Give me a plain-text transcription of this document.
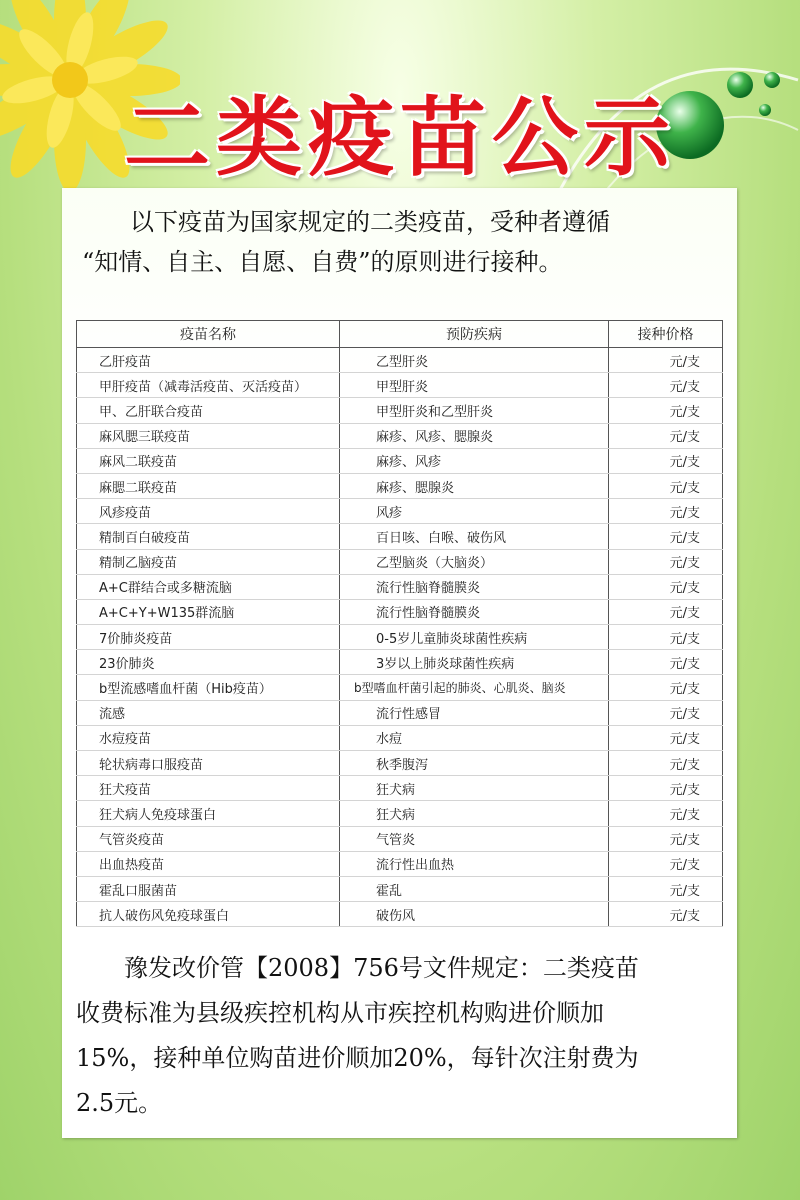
二类疫苗公示
以下疫苗为国家规定的二类疫苗，受种者遵循
“知情、自主、自愿、自费”的原则进行接种。
疫苗名称	预防疾病	接种价格
乙肝疫苗	乙型肝炎	元/支
甲肝疫苗（减毒活疫苗、灭活疫苗）	甲型肝炎	元/支
甲、乙肝联合疫苗	甲型肝炎和乙型肝炎	元/支
麻风腮三联疫苗	麻疹、风疹、腮腺炎	元/支
麻风二联疫苗	麻疹、风疹	元/支
麻腮二联疫苗	麻疹、腮腺炎	元/支
风疹疫苗	风疹	元/支
精制百白破疫苗	百日咳、白喉、破伤风	元/支
精制乙脑疫苗	乙型脑炎（大脑炎）	元/支
A+C群结合或多糖流脑	流行性脑脊髓膜炎	元/支
A+C+Y+W135群流脑	流行性脑脊髓膜炎	元/支
7价肺炎疫苗	0-5岁儿童肺炎球菌性疾病	元/支
23价肺炎	3岁以上肺炎球菌性疾病	元/支
b型流感嗜血杆菌（Hib疫苗）	b型嗜血杆菌引起的肺炎、心肌炎、脑炎	元/支
流感	流行性感冒	元/支
水痘疫苗	水痘	元/支
轮状病毒口服疫苗	秋季腹泻	元/支
狂犬疫苗	狂犬病	元/支
狂犬病人免疫球蛋白	狂犬病	元/支
气管炎疫苗	气管炎	元/支
出血热疫苗	流行性出血热	元/支
霍乱口服菌苗	霍乱	元/支
抗人破伤风免疫球蛋白	破伤风	元/支
豫发改价管【2008】756号文件规定：二类疫苗
收费标准为县级疾控机构从市疾控机构购进价顺加
15%，接种单位购苗进价顺加20%，每针次注射费为
2.5元。
